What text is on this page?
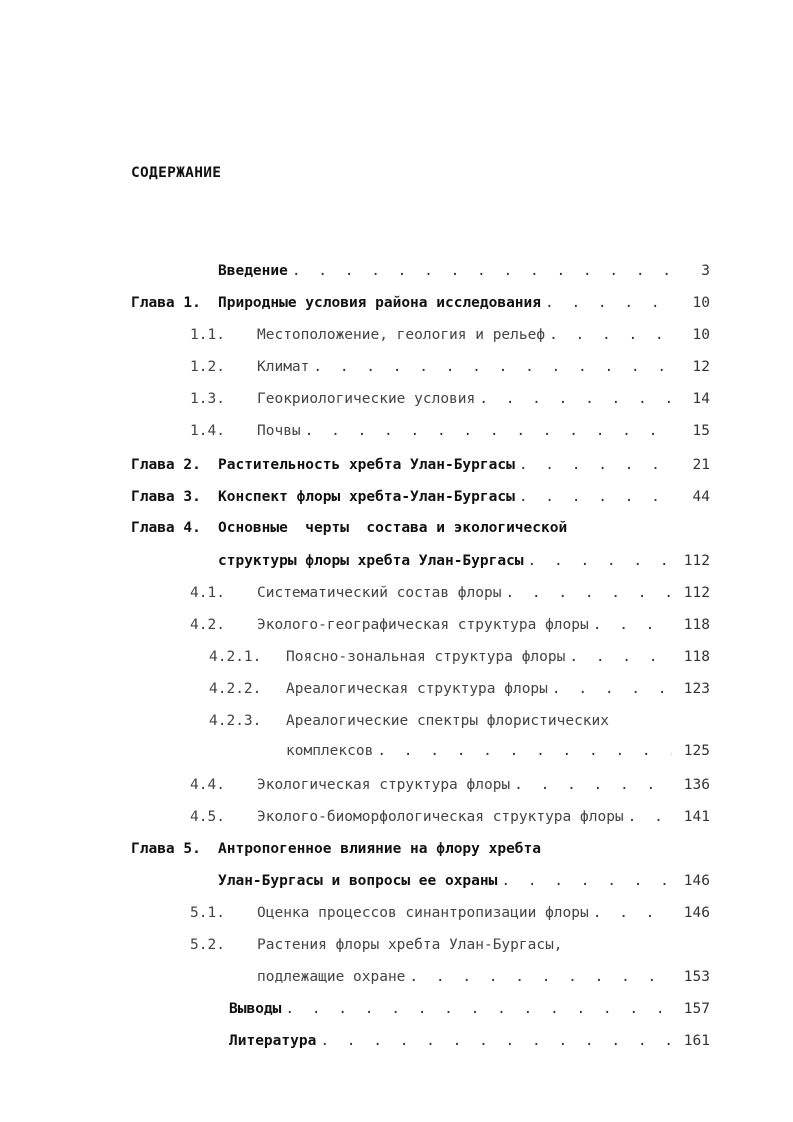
СОДЕРЖАНИЕ
Введение . . .	3
Глава 1. Природные условия района исследования . . .	10
1.1. Местоположение, геология и рельеф . . .	10
1.2. Климат . . .	12
1.3. Геокриологические условия . . .	14
1.4. Почвы . . .	15
Глава 2. Растительность хребта Улан-Бургасы . . .	21
Глава 3. Конспект флоры хребта-Улан-Бургасы . . .	44
Глава 4. Основные  черты  состава и экологической
структуры флоры хребта Улан-Бургасы . . .	112
4.1. Систематический состав флоры . . .	112
4.2. Эколого-географическая структура флоры . . .	118
4.2.1. Поясно-зональная структура флоры . . .	118
4.2.2. Ареалогическая структура флоры . . .	123
4.2.3. Ареалогические спектры флористических
комплексов . . .	125
4.4. Экологическая структура флоры . . .	136
4.5. Эколого-биоморфологическая структура флоры . . .	141
Глава 5. Антропогенное влияние на флору хребта
Улан-Бургасы и вопросы ее охраны . . .	146
5.1. Оценка процессов синантропизации флоры . . .	146
5.2. Растения флоры хребта Улан-Бургасы,
подлежащие охране . . .	153
Выводы . . .	157
Литература . . .	161
